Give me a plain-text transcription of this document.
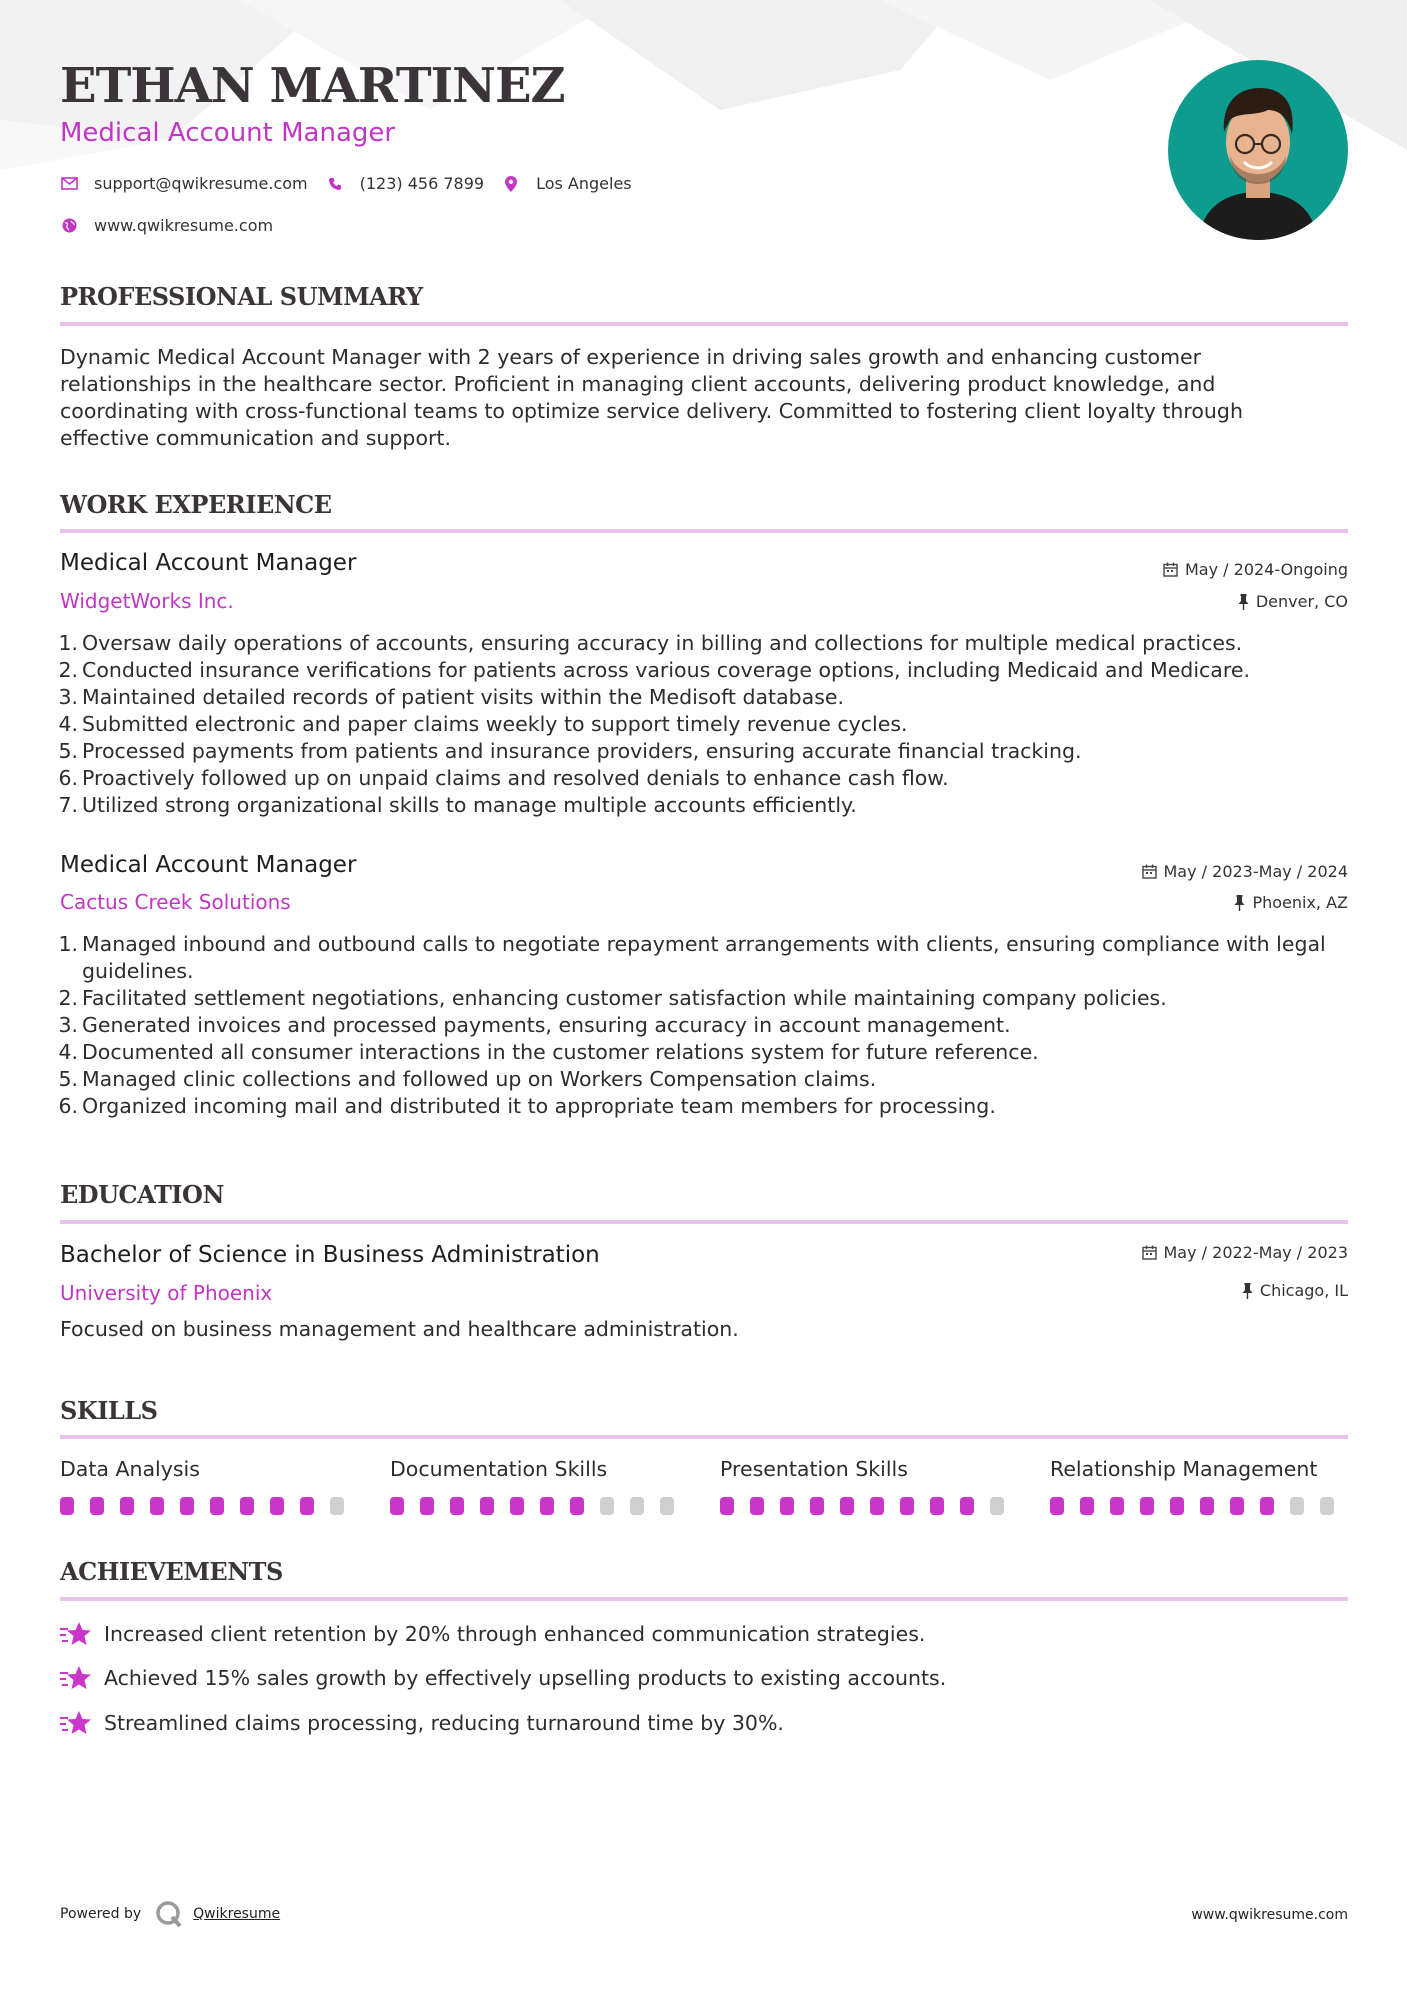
ETHAN MARTINEZ
Medical Account Manager
support@qwikresume.com	(123) 456 7899	Los Angeles
www.qwikresume.com
PROFESSIONAL SUMMARY

Dynamic Medical Account Manager with 2 years of experience in driving sales growth and enhancing customer relationships in the healthcare sector. Proficient in managing client accounts, delivering product knowledge, and coordinating with cross-functional teams to optimize service delivery. Committed to fostering client loyalty through effective communication and support.

WORK EXPERIENCE
Medical Account Manager	May / 2024-Ongoing
WidgetWorks Inc.	Denver, CO
1. Oversaw daily operations of accounts, ensuring accuracy in billing and collections for multiple medical practices.
2. Conducted insurance verifications for patients across various coverage options, including Medicaid and Medicare.
3. Maintained detailed records of patient visits within the Medisoft database.
4. Submitted electronic and paper claims weekly to support timely revenue cycles.
5. Processed payments from patients and insurance providers, ensuring accurate financial tracking.
6. Proactively followed up on unpaid claims and resolved denials to enhance cash flow.
7. Utilized strong organizational skills to manage multiple accounts efficiently.
Medical Account Manager	May / 2023-May / 2024
Cactus Creek Solutions	Phoenix, AZ
1. Managed inbound and outbound calls to negotiate repayment arrangements with clients, ensuring compliance with legal guidelines.
2. Facilitated settlement negotiations, enhancing customer satisfaction while maintaining company policies.
3. Generated invoices and processed payments, ensuring accuracy in account management.
4. Documented all consumer interactions in the customer relations system for future reference.
5. Managed clinic collections and followed up on Workers Compensation claims.
6. Organized incoming mail and distributed it to appropriate team members for processing.
EDUCATION
Bachelor of Science in Business Administration	May / 2022-May / 2023
University of Phoenix	Chicago, IL

Focused on business management and healthcare administration.

SKILLS
Data Analysis	Documentation Skills	Presentation Skills	Relationship Management
ACHIEVEMENTS
Increased client retention by 20% through enhanced communication strategies.
Achieved 15% sales growth by effectively upselling products to existing accounts.
Streamlined claims processing, reducing turnaround time by 30%.
Powered by	Qwikresume	www.qwikresume.com
